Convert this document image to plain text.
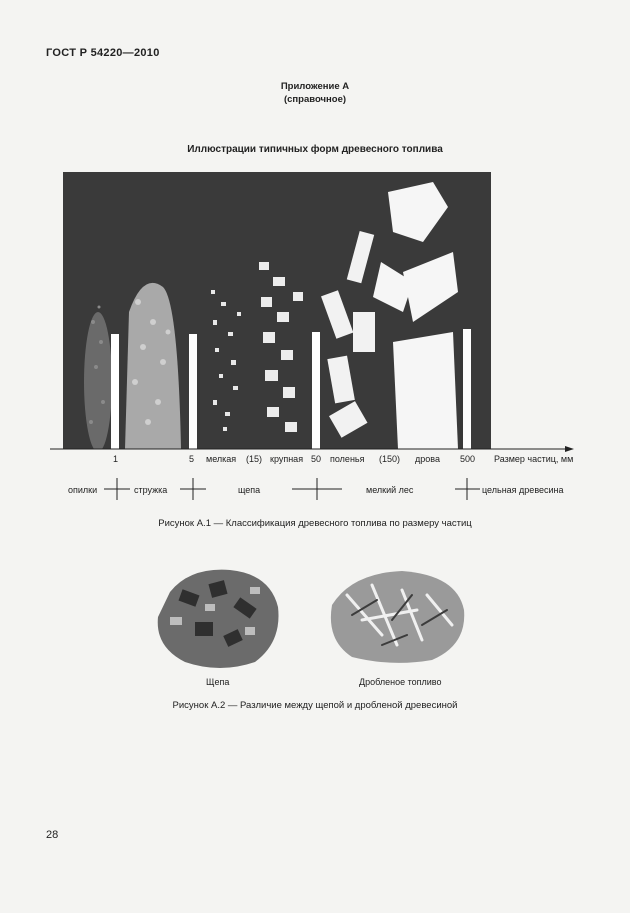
ГОСТ Р 54220—2010
Приложение А
(справочное)
Иллюстрации типичных форм древесного топлива
1	5 мелкая (15) крупная 50 поленья (150) дрова 500 Размер частиц, мм
опилки	стружка	щепа	мелкий лес	цельная древесина
Рисунок А.1 — Классификация древесного топлива по размеру частиц
Щепа	Дробленое топливо
Рисунок А.2 — Различие между щепой и дробленой древесиной
28
